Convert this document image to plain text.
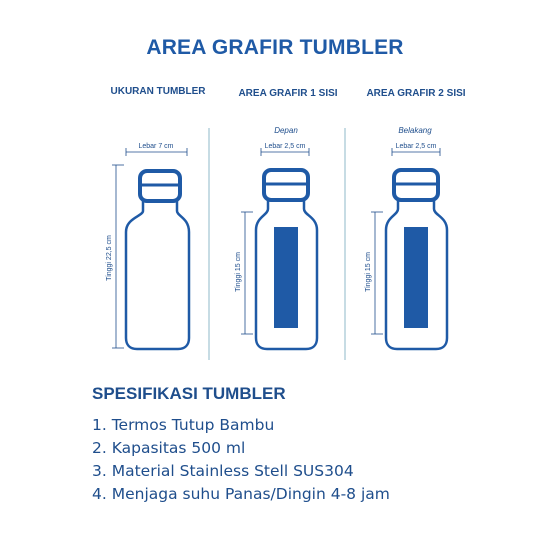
AREA GRAFIR TUMBLER
UKURAN TUMBLER	AREA GRAFIR 1 SISI	AREA GRAFIR 2 SISI
Depan	Belakang
Lebar 7 cm
Tinggi 22,5 cm
Lebar 2,5 cm
Tinggi 15 cm
Lebar 2,5 cm
Tinggi 15 cm
SPESIFIKASI TUMBLER
1. Termos Tutup Bambu
2. Kapasitas 500 ml
3. Material Stainless Stell SUS304
4. Menjaga suhu Panas/Dingin 4-8 jam
